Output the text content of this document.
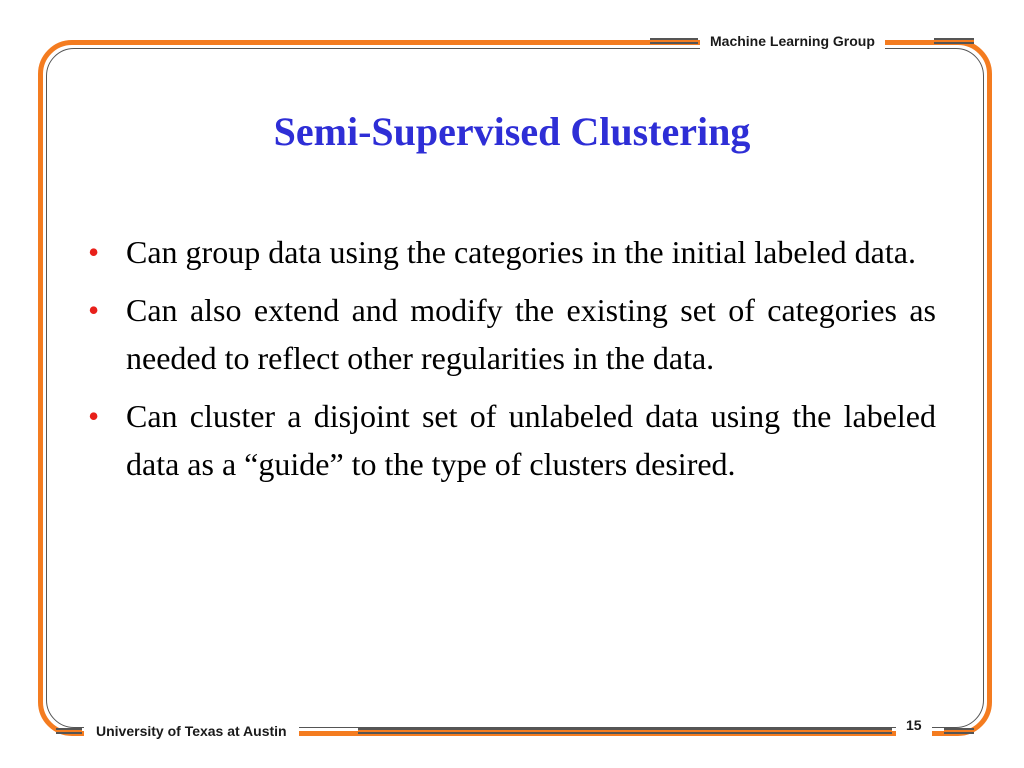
Machine Learning Group
Semi-Supervised Clustering
• Can group data using the categories in the initial labeled data.
• Can also extend and modify the existing set of categories as needed to reflect other regularities in the data.
• Can cluster a disjoint set of unlabeled data using the labeled data as a “guide” to the type of clusters desired.
University of Texas at Austin	15
